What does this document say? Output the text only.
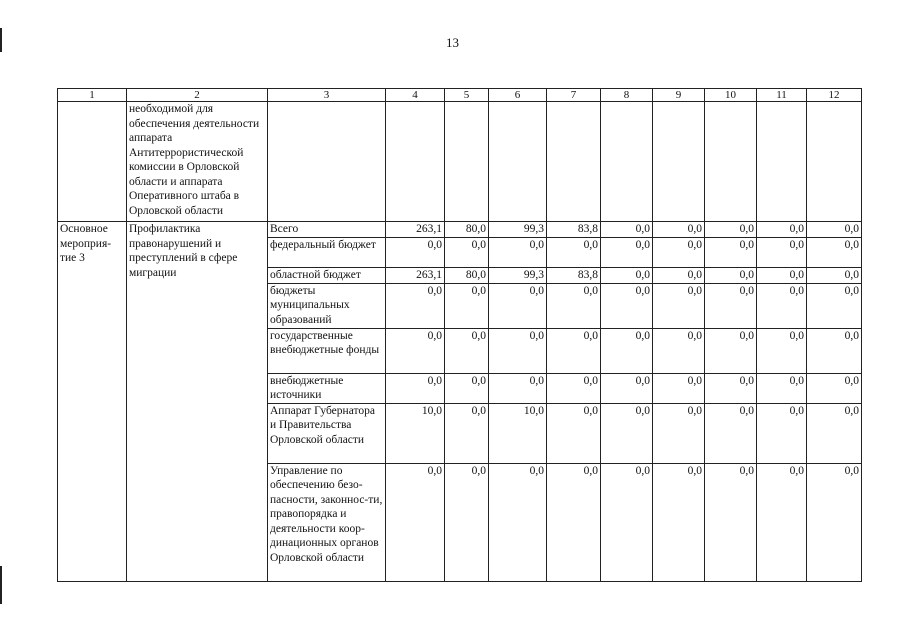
13
1	2	3	4	5	6	7	8	9	10	11	12
	необходимой для обеспечения деятельности аппарата Антитеррористической комиссии в Орловской области и аппарата Оперативного штаба в Орловской области										
Основное мероприя-тие 3	Профилактика правонарушений и преступлений в сфере миграции	Всего	263,1	80,0	99,3	83,8	0,0	0,0	0,0	0,0	0,0
		федеральный бюджет	0,0	0,0	0,0	0,0	0,0	0,0	0,0	0,0	0,0
		областной бюджет	263,1	80,0	99,3	83,8	0,0	0,0	0,0	0,0	0,0
		бюджеты муниципальных образований	0,0	0,0	0,0	0,0	0,0	0,0	0,0	0,0	0,0
		государственные внебюджетные фонды	0,0	0,0	0,0	0,0	0,0	0,0	0,0	0,0	0,0
		внебюджетные источники	0,0	0,0	0,0	0,0	0,0	0,0	0,0	0,0	0,0
		Аппарат Губернатора и Правительства Орловской области	10,0	0,0	10,0	0,0	0,0	0,0	0,0	0,0	0,0
		Управление по обеспечению безо-пасности, законнос-ти, правопорядка и деятельности коор-динационных органов Орловской области	0,0	0,0	0,0	0,0	0,0	0,0	0,0	0,0	0,0
